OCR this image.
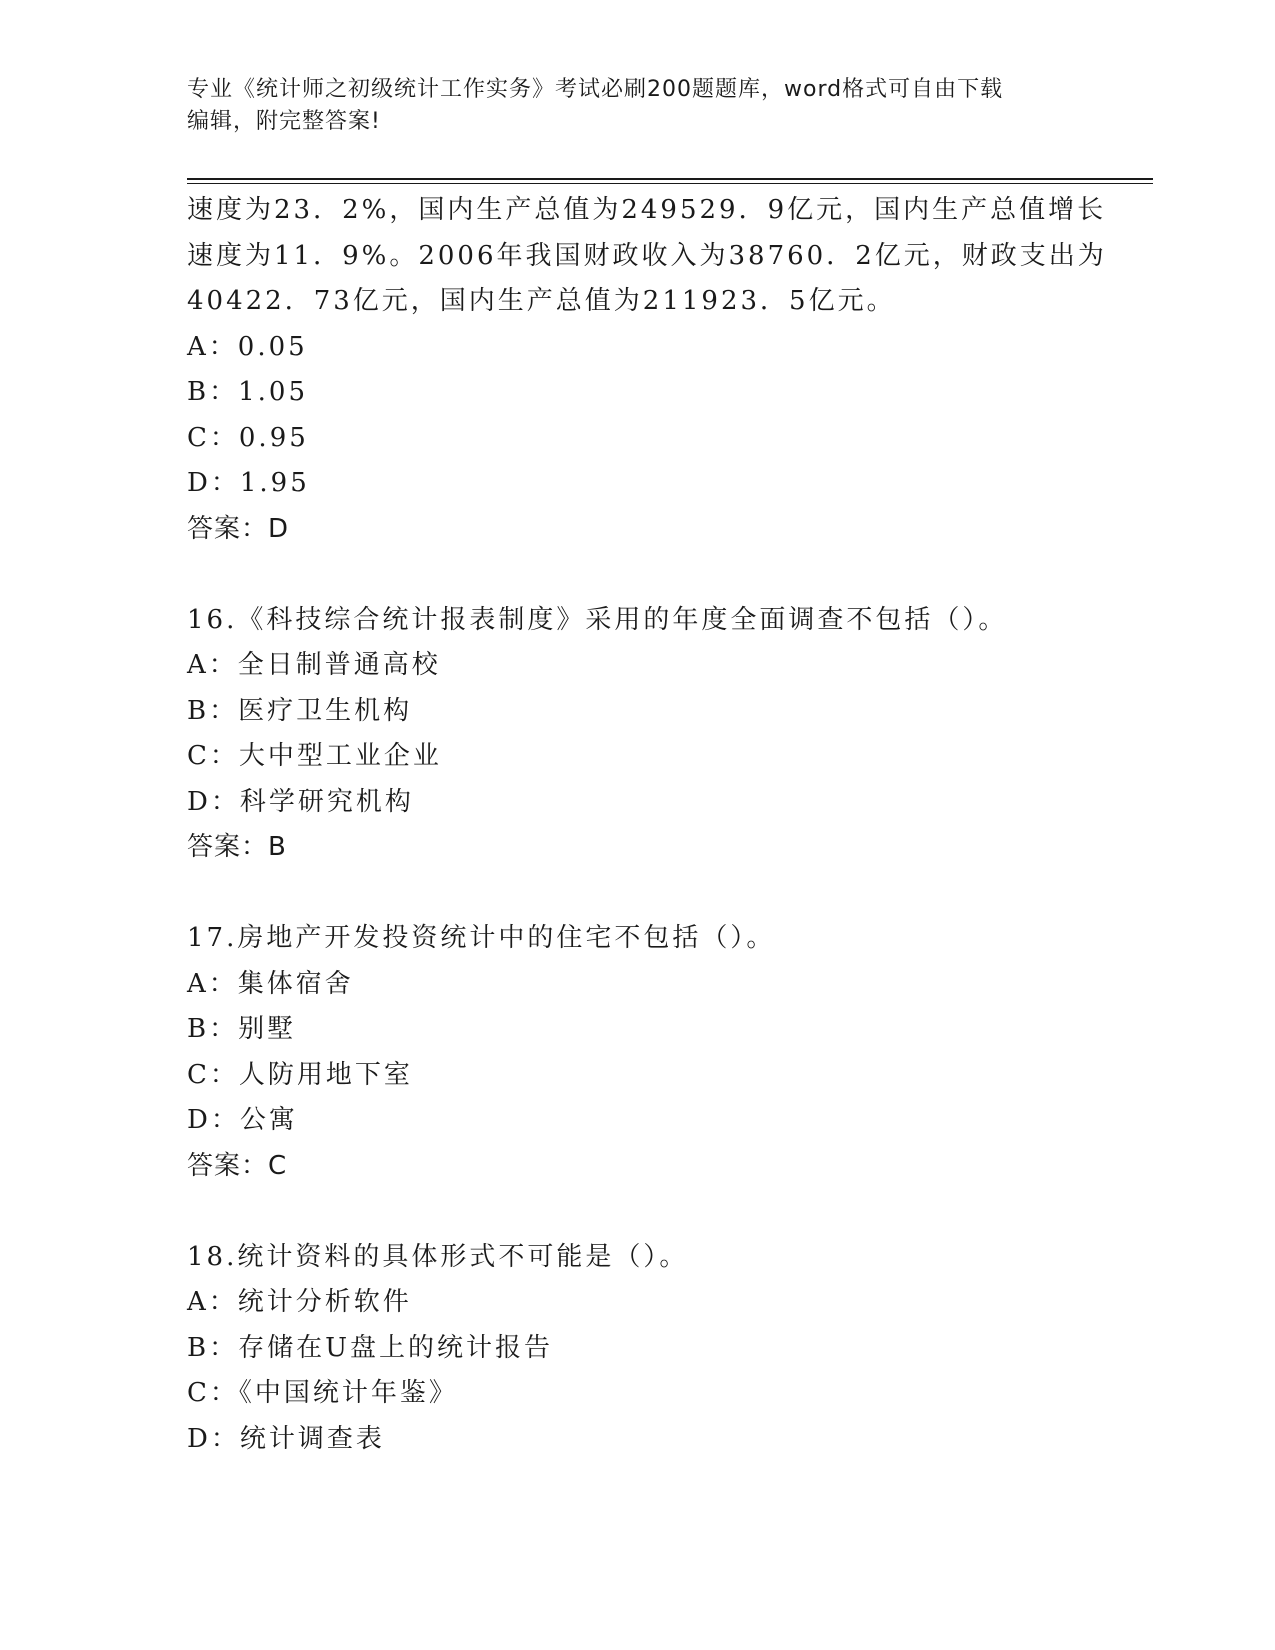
专业《统计师之初级统计工作实务》考试必刷200题题库，word格式可自由下载
编辑，附完整答案!
速度为23．2%，国内生产总值为249529．9亿元，国内生产总值增长
速度为11．9%。2006年我国财政收入为38760．2亿元，财政支出为
40422．73亿元，国内生产总值为211923．5亿元。
A：0.05
B：1.05
C：0.95
D：1.95
答案：D
16.《科技综合统计报表制度》采用的年度全面调查不包括（）。
A：全日制普通高校
B：医疗卫生机构
C：大中型工业企业
D：科学研究机构
答案：B
17.房地产开发投资统计中的住宅不包括（）。
A：集体宿舍
B：别墅
C：人防用地下室
D：公寓
答案：C
18.统计资料的具体形式不可能是（）。
A：统计分析软件
B：存储在U盘上的统计报告
C：《中国统计年鉴》
D：统计调查表
